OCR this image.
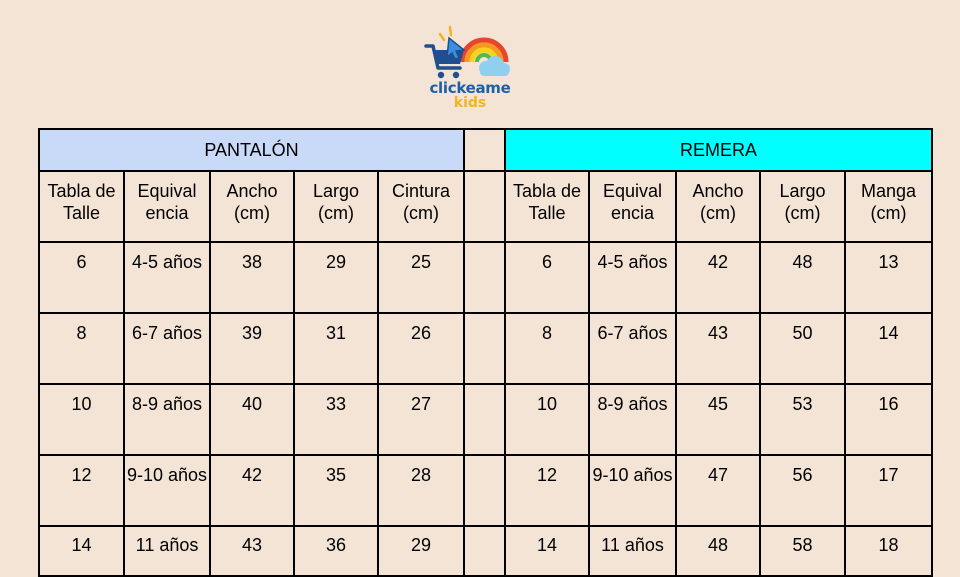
clickeame
kids
PANTALÓN						REMERA				
Tabla de Talle	Equival encia	Ancho (cm)	Largo (cm)	Cintura (cm)		Tabla de Talle	Equival encia	Ancho (cm)	Largo (cm)	Manga (cm)
6	4-5 años	38	29	25		6	4-5 años	42	48	13
8	6-7 años	39	31	26		8	6-7 años	43	50	14
10	8-9 años	40	33	27		10	8-9 años	45	53	16
12	9-10 años	42	35	28		12	9-10 años	47	56	17
14	11 años	43	36	29		14	11 años	48	58	18
